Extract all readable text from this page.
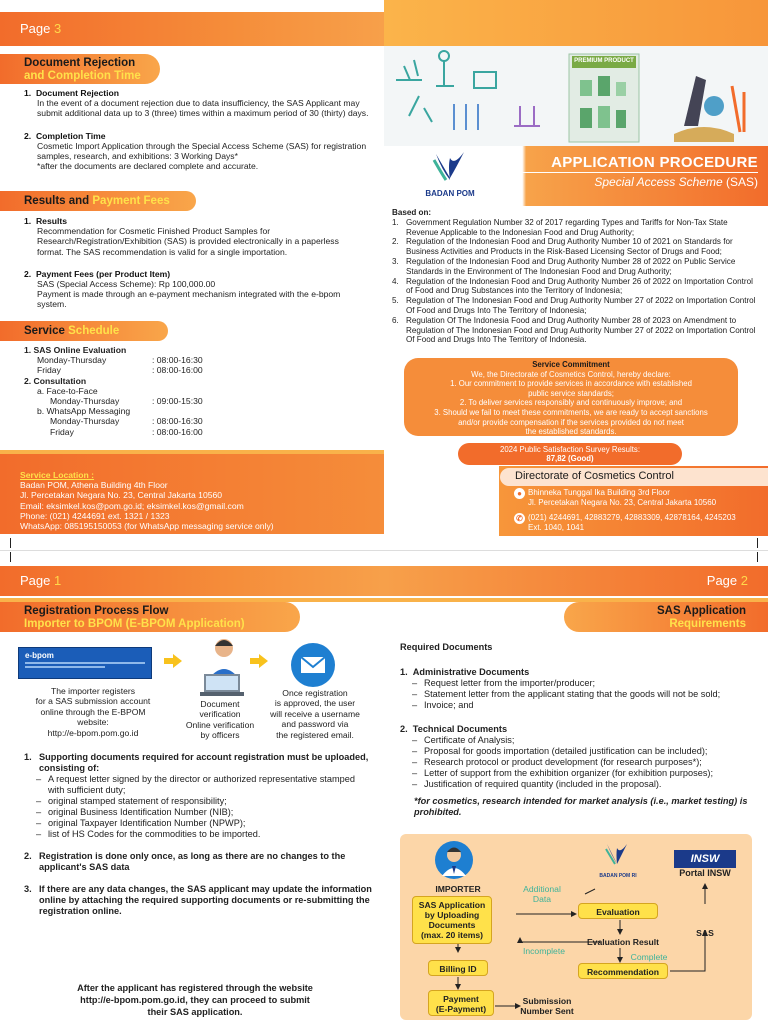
Page 3
Document Rejection
and Completion Time
1. Document Rejection
In the event of a document rejection due to data insufficiency, the SAS Applicant may submit additional data up to 3 (three) times within a maximum period of 30 (thirty) days.
2. Completion Time
Cosmetic Import Application through the Special Access Scheme (SAS) for registration samples, research, and exhibitions: 3 Working Days*
*after the documents are declared complete and accurate.
Results and Payment Fees
1. Results
Recommendation for Cosmetic Finished Product Samples for Research/Registration/Exhibition (SAS) is provided electronically in a paperless format. The SAS recommendation is valid for a single importation.
2. Payment Fees (per Product Item)
SAS (Special Access Scheme): Rp 100,000.00
Payment is made through an e-payment mechanism integrated with the e-bpom system.
Service Schedule
1. SAS Online Evaluation
Monday-Thursday	: 08:00-16:30
Friday	: 08:00-16:00
2. Consultation
a. Face-to-Face
Monday-Thursday	: 09:00-15:30
b. WhatsApp Messaging
Monday-Thursday	: 08:00-16:30
Friday	: 08:00-16:00
Service Location :
Badan POM, Athena Building 4th Floor
Jl. Percetakan Negara No. 23, Central Jakarta 10560
Email: eksimkel.kos@pom.go.id; eksimkel.kos@gmail.com
Phone: (021) 4244691 ext. 1321 / 1323
WhatsApp: 085195150053 (for WhatsApp messaging service only)
PREMIUM PRODUCT
BADAN POM
APPLICATION PROCEDURE
Special Access Scheme (SAS)
Based on:
1. Government Regulation Number 32 of 2017 regarding Types and Tariffs for Non-Tax State Revenue Applicable to the Indonesian Food and Drug Authority;
2. Regulation of the Indonesian Food and Drug Authority Number 10 of 2021 on Standards for Business Activities and Products in the Risk-Based Licensing Sector of Drugs and Food;
3. Regulation of the Indonesian Food and Drug Authority Number 28 of 2022 on Public Service Standards in the Environment of The Indonesian Food and Drug Authority;
4. Regulation of the Indonesian Food and Drug Authority Number 26 of 2022 on Importation Control of Food and Drug Substances into the Territory of Indonesia;
5. Regulation of The Indonesian Food and Drug Authority Number 27 of 2022 on Importation Control Of Food and Drugs Into The Territory of Indonesia;
6. Regulation Of The Indonesia Food and Drug Authority Number 28 of 2023 on Amendment to Regulation of The Indonesian Food and Drug Authority Number 27 of 2022 on Importation Control Of Food and Drugs Into The Territory of Indonesia.
Service Commitment
We, the Directorate of Cosmetics Control, hereby declare:
1. Our commitment to provide services in accordance with established
public service standards;
2. To deliver services responsibly and continuously improve; and
3. Should we fail to meet these commitments, we are ready to accept sanctions
and/or provide compensation if the services provided do not meet
the established standards.
2024 Public Satisfaction Survey Results:
87,82 (Good)
Directorate of Cosmetics Control
● Bhinneka Tunggal Ika Building 3rd Floor
Jl. Percetakan Negara No. 23, Central Jakarta 10560
✆ (021) 4244691, 42883279, 42883309, 42878164, 4245203
Ext. 1040, 1041
Page 1
Registration Process Flow
Importer to BPOM (E-BPOM Application)
e-bpom
The importer registers
for a SAS submission account
online through the E-BPOM
website:
http://e-bpom.pom.go.id
Document
verification
Online verification
by officers
Once registration
is approved, the user
will receive a username
and password via
the registered email.
1. Supporting documents required for account registration must be uploaded, consisting of:
– A request letter signed by the director or authorized representative stamped with sufficient duty;
– original stamped statement of responsibility;
– original Business Identification Number (NIB);
– original Taxpayer Identification Number (NPWP);
– list of HS Codes for the commodities to be imported.
2. Registration is done only once, as long as there are no changes to the applicant's SAS data
3. If there are any data changes, the SAS applicant may update the information online by attaching the required supporting documents or re-submitting the registration online.
After the applicant has registered through the website
http://e-bpom.pom.go.id, they can proceed to submit
their SAS application.
Page 2
SAS Application
Requirements
Required Documents
1.  Administrative Documents
– Request letter from the importer/producer;
– Statement letter from the applicant stating that the goods will not be sold;
– Invoice; and
2.  Technical Documents
– Certificate of Analysis;
– Proposal for goods importation (detailed justification can be included);
– Research protocol or product development (for research purposes*);
– Letter of support from the exhibition organizer (for exhibition purposes);
– Justification of required quantity (included in the proposal).
*for cosmetics, research intended for market analysis (i.e., market testing) is prohibited.
IMPORTER
SAS Application
by Uploading
Documents
(max. 20 items)
Billing ID
Payment
(E-Payment)
Submission
Number Sent
Additional
Data
Incomplete
Complete
BADAN POM RI
Evaluation
Evaluation Result
Recommendation
SAS
INSW
Portal INSW
